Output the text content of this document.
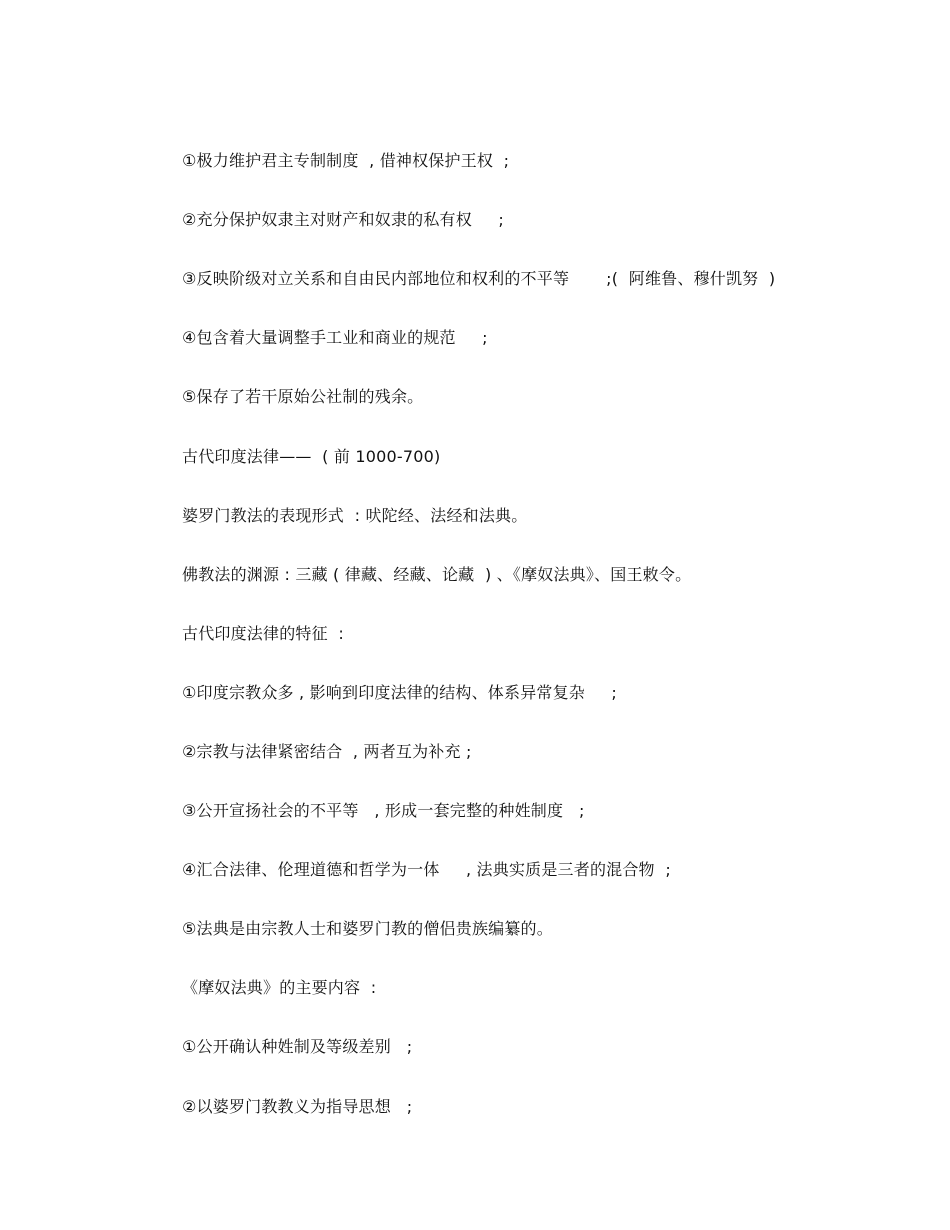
①极力维护君主专制制度  , 借神权保护王权  ;
②充分保护奴隶主对财产和奴隶的私有权     ;
③反映阶级对立关系和自由民内部地位和权利的不平等       ;(  阿维鲁、穆什凯努  )
④包含着大量调整手工业和商业的规范     ;
⑤保存了若干原始公社制的残余。
古代印度法律——  ( 前 1000-700)
婆罗门教法的表现形式  : 吠陀经、法经和法典。
佛教法的渊源 : 三藏 ( 律藏、经藏、论藏  ) 、《摩奴法典》、国王敕令。
古代印度法律的特征  :
①印度宗教众多 , 影响到印度法律的结构、体系异常复杂     ;
②宗教与法律紧密结合  , 两者互为补充 ;
③公开宣扬社会的不平等   , 形成一套完整的种姓制度   ;
④汇合法律、伦理道德和哲学为一体     , 法典实质是三者的混合物  ;
⑤法典是由宗教人士和婆罗门教的僧侣贵族编纂的。
《摩奴法典》的主要内容  :
①公开确认种姓制及等级差别   ;
②以婆罗门教教义为指导思想   ;
